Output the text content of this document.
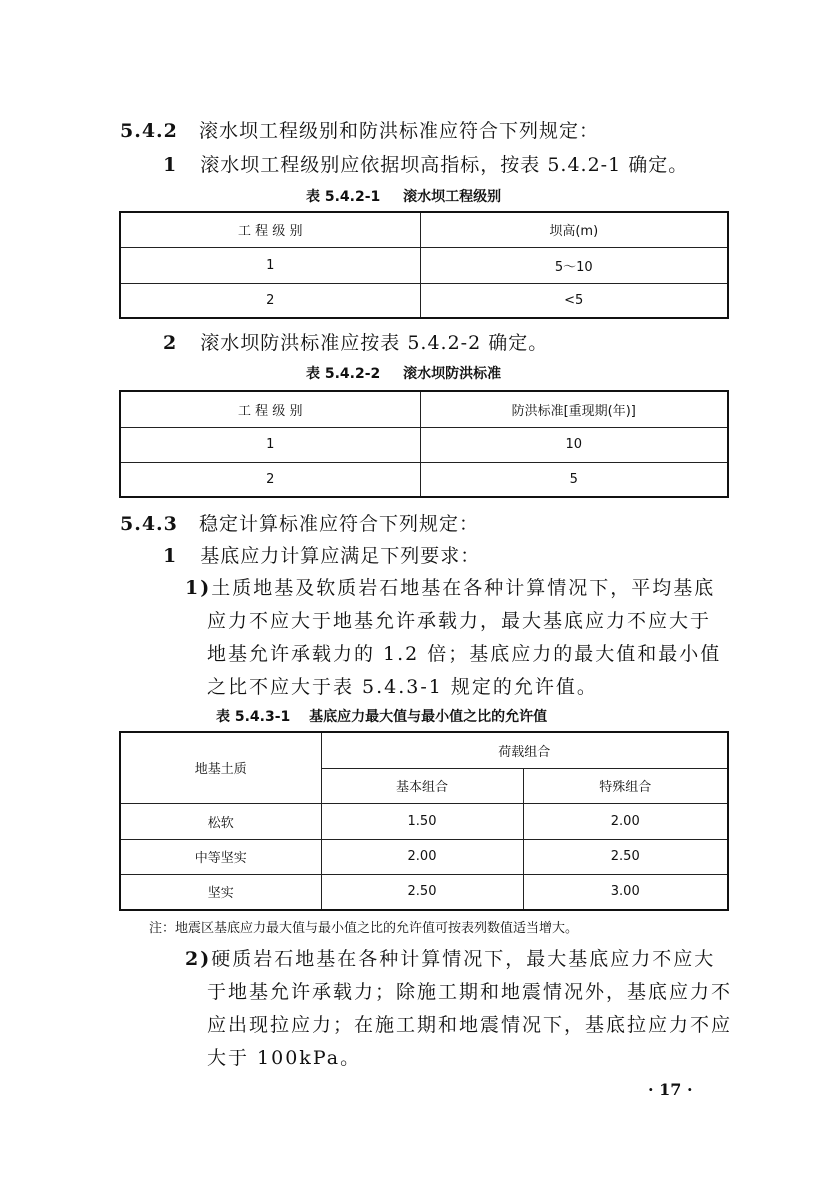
5.4.2 滚水坝工程级别和防洪标准应符合下列规定：
1 滚水坝工程级别应依据坝高指标，按表 5.4.2-1 确定。
表 5.4.2-1 滚水坝工程级别
工 程 级 别	坝高(m)
1	5～10
2	<5
2 滚水坝防洪标准应按表 5.4.2-2 确定。
表 5.4.2-2 滚水坝防洪标准
工 程 级 别	防洪标准[重现期(年)]
1	10
2	5
5.4.3 稳定计算标准应符合下列规定：
1 基底应力计算应满足下列要求：
1)土质地基及软质岩石地基在各种计算情况下，平均基底
应力不应大于地基允许承载力，最大基底应力不应大于
地基允许承载力的 1.2 倍；基底应力的最大值和最小值
之比不应大于表 5.4.3-1 规定的允许值。
表 5.4.3-1 基底应力最大值与最小值之比的允许值
地基土质	荷载组合	
	基本组合	特殊组合
松软	1.50	2.00
中等坚实	2.00	2.50
坚实	2.50	3.00
注：地震区基底应力最大值与最小值之比的允许值可按表列数值适当增大。
2)硬质岩石地基在各种计算情况下，最大基底应力不应大
于地基允许承载力；除施工期和地震情况外，基底应力不
应出现拉应力；在施工期和地震情况下，基底拉应力不应
大于 100kPa。
· 17 ·
